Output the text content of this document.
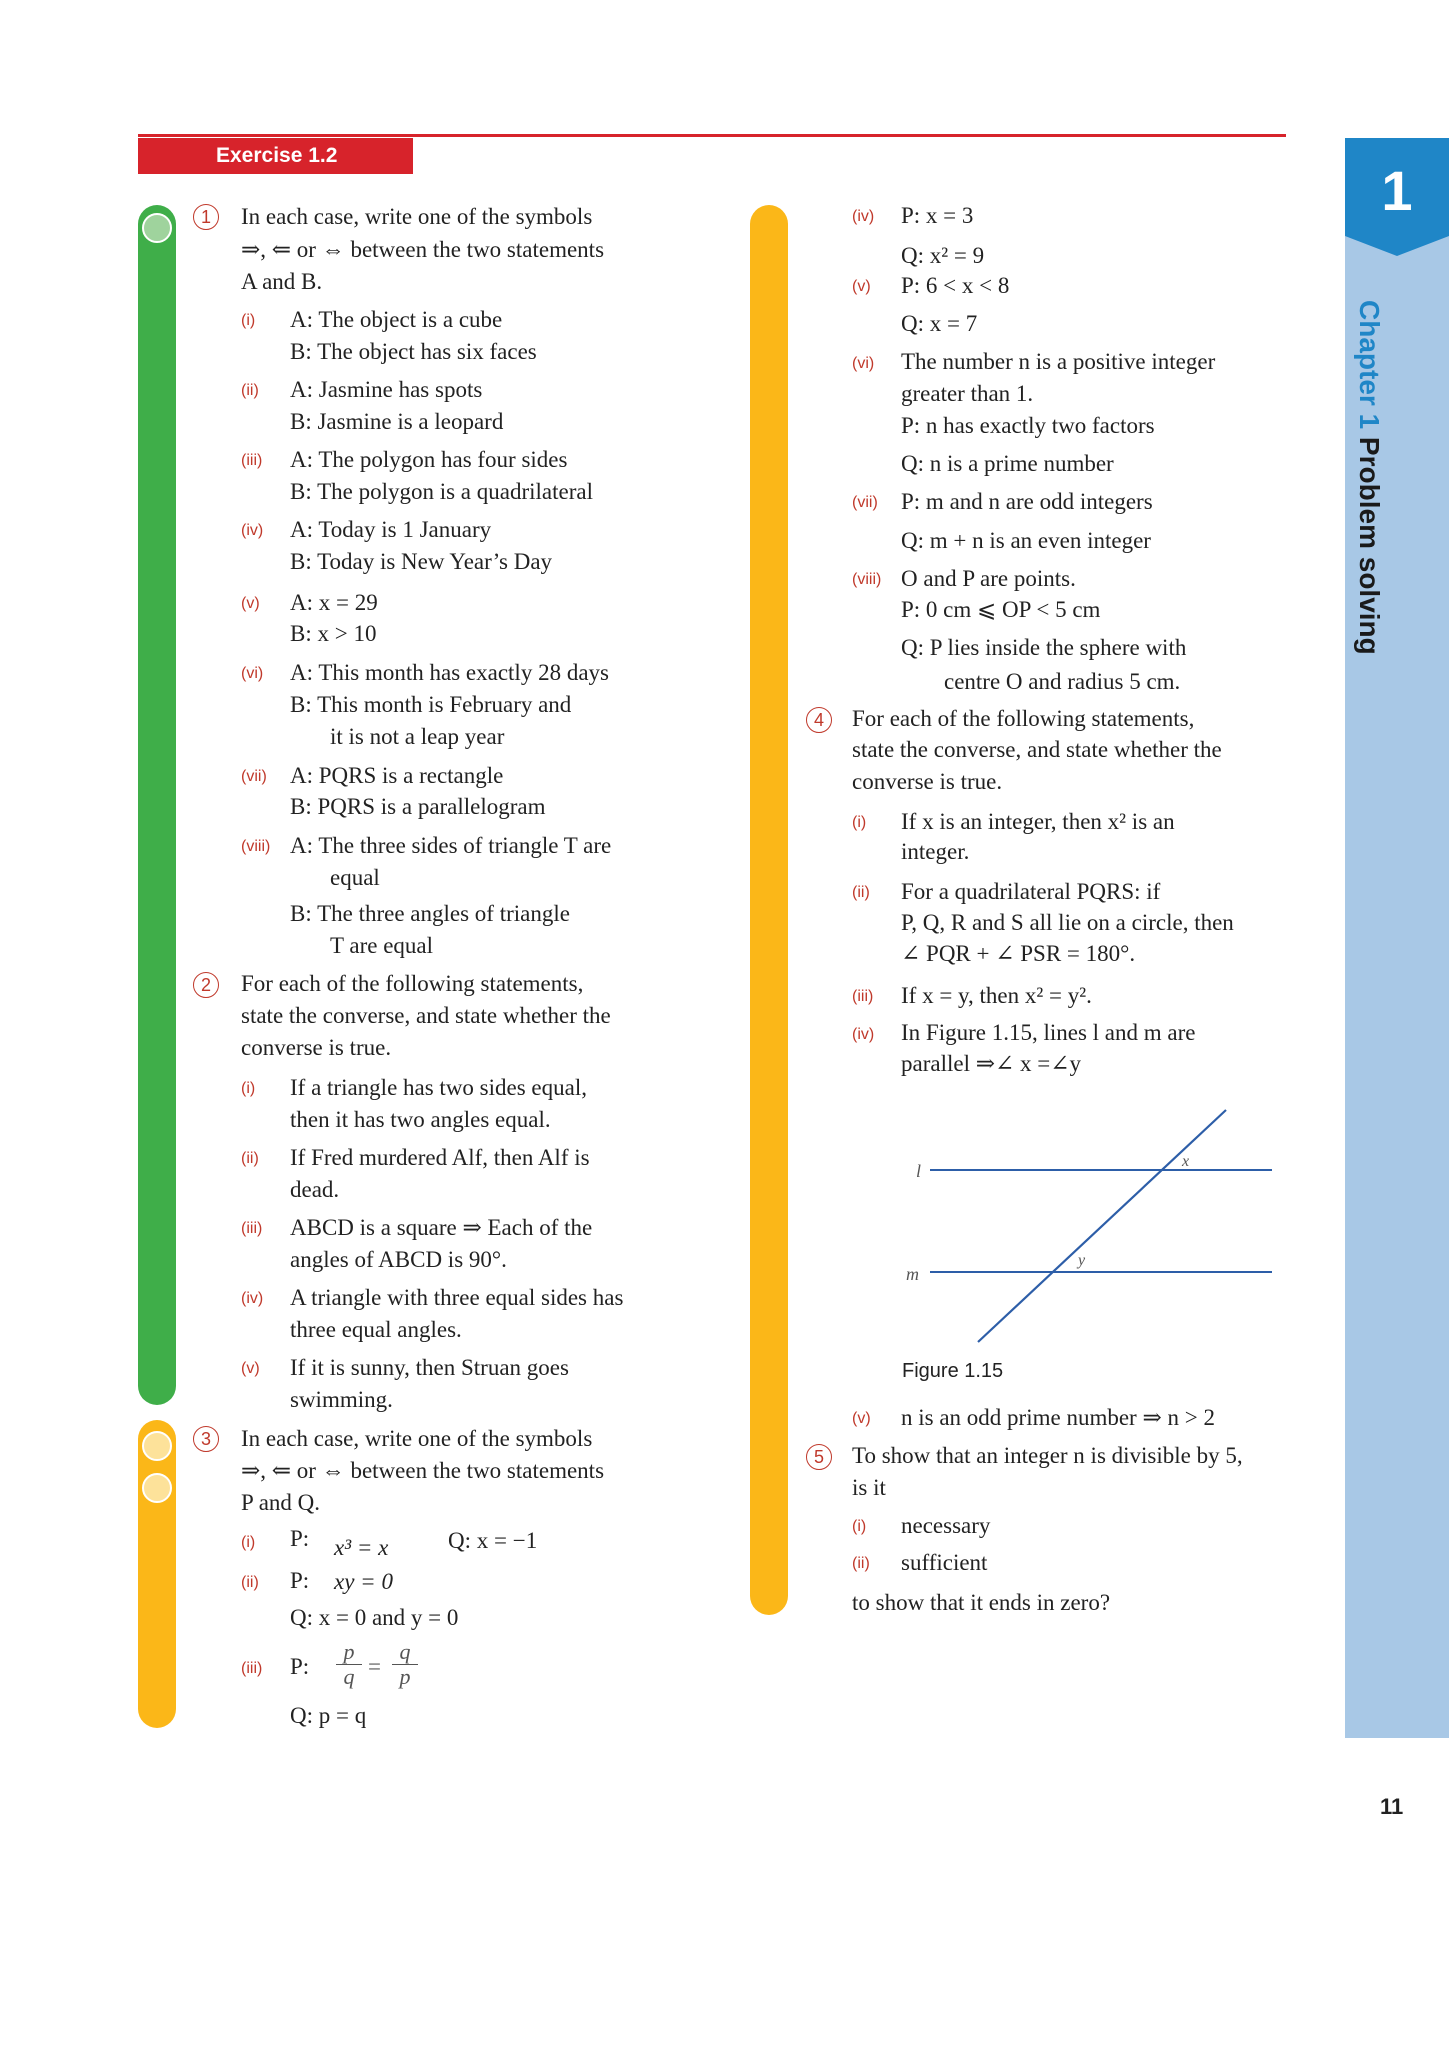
Exercise 1.2
1
Chapter 1 Problem solving
11
1	In each case, write one of the symbols
⇒, ⇐ or ⇔ between the two statements
A and B.
(i) A: The object is a cube
B: The object has six faces
(ii) A: Jasmine has spots
B: Jasmine is a leopard
(iii) A: The polygon has four sides
B: The polygon is a quadrilateral
(iv) A: Today is 1 January
B: Today is New Year’s Day
(v) A: x = 29
B: x > 10
(vi) A: This month has exactly 28 days
B: This month is February and
it is not a leap year
(vii) A: PQRS is a rectangle
B: PQRS is a parallelogram
(viii) A: The three sides of triangle T are
equal
B: The three angles of triangle
T are equal
2	For each of the following statements,
state the converse, and state whether the
converse is true.
(i) If a triangle has two sides equal,
then it has two angles equal.
(ii) If Fred murdered Alf, then Alf is
dead.
(iii) ABCD is a square ⇒ Each of the
angles of ABCD is 90°.
(iv) A triangle with three equal sides has
three equal angles.
(v) If it is sunny, then Struan goes
swimming.
3	In each case, write one of the symbols
⇒, ⇐ or ⇔ between the two statements
P and Q.
(i) P: x³ = x	Q: x = −1
(ii) P: xy = 0
Q: x = 0 and y = 0
(iii) P: $\frac{p}{q} = \frac{q}{p}$
Q: p = q
(iv) P: x = 3
Q: x² = 9
(v) P: 6 < x < 8
Q: x = 7
(vi) The number n is a positive integer
greater than 1.
P: n has exactly two factors
Q: n is a prime number
(vii) P: m and n are odd integers
Q: m + n is an even integer
(viii) O and P are points.
P: 0 cm ⩽ OP < 5 cm
Q: P lies inside the sphere with
centre O and radius 5 cm.
4	For each of the following statements,
state the converse, and state whether the
converse is true.
(i) If x is an integer, then x² is an
integer.
(ii) For a quadrilateral PQRS: if
P, Q, R and S all lie on a circle, then
∠ PQR + ∠ PSR = 180°.
(iii) If x = y, then x² = y².
(iv) In Figure 1.15, lines l and m are
parallel ⇒∠ x =∠y
l
m
x
y
Figure 1.15
(v) n is an odd prime number ⇒ n > 2
5	To show that an integer n is divisible by 5,
is it
(i) necessary
(ii) sufficient
to show that it ends in zero?
